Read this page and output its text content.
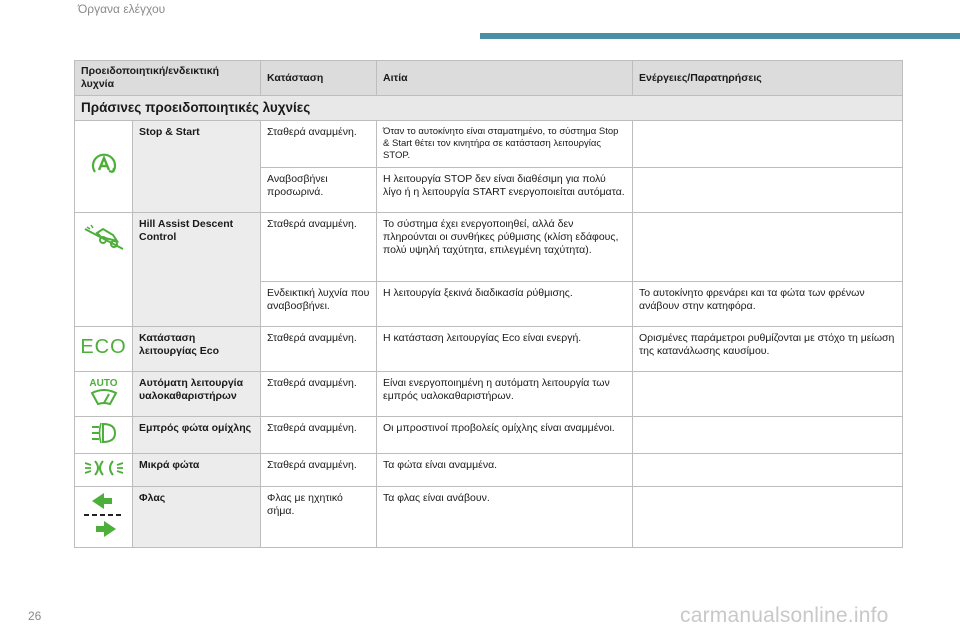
Όργανα ελέγχου
Προειδοποιητική/ενδεικτική λυχνία		Κατάσταση	Αιτία	Ενέργειες/Παρατηρήσεις
Πράσινες προειδοποιητικές λυχνίες				
	Stop & Start	Σταθερά αναμμένη.	Όταν το αυτοκίνητο είναι σταματημένο, το σύστημα Stop & Start θέτει τον κινητήρα σε κατάσταση λειτουργίας STOP.	
		Αναβοσβήνει προσωρινά.	Η λειτουργία STOP δεν είναι διαθέσιμη για πολύ λίγο ή η λειτουργία START ενεργοποιείται αυτόματα.	
	Hill Assist Descent Control	Σταθερά αναμμένη.	Το σύστημα έχει ενεργοποιηθεί, αλλά δεν πληρούνται οι συνθήκες ρύθμισης (κλίση εδάφους, πολύ υψηλή ταχύτητα, επιλεγμένη ταχύτητα).	
		Ενδεικτική λυχνία που αναβοσβήνει.	Η λειτουργία ξεκινά διαδικασία ρύθμισης.	Το αυτοκίνητο φρενάρει και τα φώτα των φρένων ανάβουν στην κατηφόρα.
ECO	Κατάσταση λειτουργίας Eco	Σταθερά αναμμένη.	Η κατάσταση λειτουργίας Eco είναι ενεργή.	Ορισμένες παράμετροι ρυθμίζονται με στόχο τη μείωση της κατανάλωσης καυσίμου.

AUTO	Αυτόματη λειτουργία υαλοκαθαριστήρων	Σταθερά αναμμένη.	Είναι ενεργοποιημένη η αυτόματη λειτουργία των εμπρός υαλοκαθαριστήρων.	
	Εμπρός φώτα ομίχλης	Σταθερά αναμμένη.	Οι μπροστινοί προβολείς ομίχλης είναι αναμμένοι.	
	Μικρά φώτα	Σταθερά αναμμένη.	Τα φώτα είναι αναμμένα.	
	Φλας	Φλας με ηχητικό σήμα.	Τα φλας είναι ανάβουν.	
26	carmanualsonline.info
